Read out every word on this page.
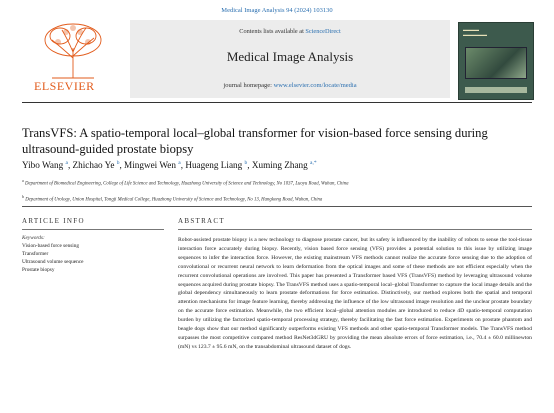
Medical Image Analysis 94 (2024) 103130
ELSEVIER
Contents lists available at ScienceDirect
Medical Image Analysis
journal homepage: www.elsevier.com/locate/media
▬▬▬▬
▬▬▬▬▬▬
TransVFS: A spatio-temporal local–global transformer for vision-based force sensing during ultrasound-guided prostate biopsy
Yibo Wang $^a$, Zhichao Ye $^b$, Mingwei Wen $^a$, Huageng Liang $^b$, Xuming Zhang $^{a,*}$
$^a$ Department of Biomedical Engineering, College of Life Science and Technology, Huazhong University of Science and Technology, No 1037, Luoyu Road, Wuhan, China
$^b$ Department of Urology, Union Hospital, Tongji Medical College, Huazhong University of Science and Technology, No 13, Hangkong Road, Wuhan, China
ARTICLE INFO	ABSTRACT
Keywords:
Vision-based force sensing
Transformer
Ultrasound volume sequence
Prostate biopsy
Robot-assisted prostate biopsy is a new technology to diagnose prostate cancer, but its safety is influenced by the inability of robots to sense the tool-tissue interaction force accurately during biopsy. Recently, vision based force sensing (VFS) provides a potential solution to this issue by utilizing image sequences to infer the interaction force. However, the existing mainstream VFS methods cannot realize the accurate force sensing due to the adoption of convolutional or recurrent neural network to learn deformation from the optical images and some of these methods are not efficient especially when the recurrent convolutional operations are involved. This paper has presented a Transformer based VFS (TransVFS) method by leveraging ultrasound volume sequences acquired during prostate biopsy. The TransVFS method uses a spatio-temporal local–global Transformer to capture the local image details and the global dependency simultaneously to learn prostate deformations for force estimation. Distinctively, our method explores both the spatial and temporal attention mechanisms for image feature learning, thereby addressing the influence of the low ultrasound image resolution and the unclear prostate boundary on the accurate force estimation. Meanwhile, the two efficient local–global attention modules are introduced to reduce 4D spatio-temporal computation burden by utilizing the factorized spatio-temporal processing strategy, thereby facilitating the fast force estimation. Experiments on prostate phantom and beagle dogs show that our method significantly outperforms existing VFS methods and other spatio-temporal Transformer models. The TransVFS method surpasses the most competitive compared method ResNet3dGRU by providing the mean absolute errors of force estimation, i.e., 70.4 ± 60.0 millinewton (mN) vs 123.7 ± 95.6 mN, on the transabdominal ultrasound dataset of dogs.
